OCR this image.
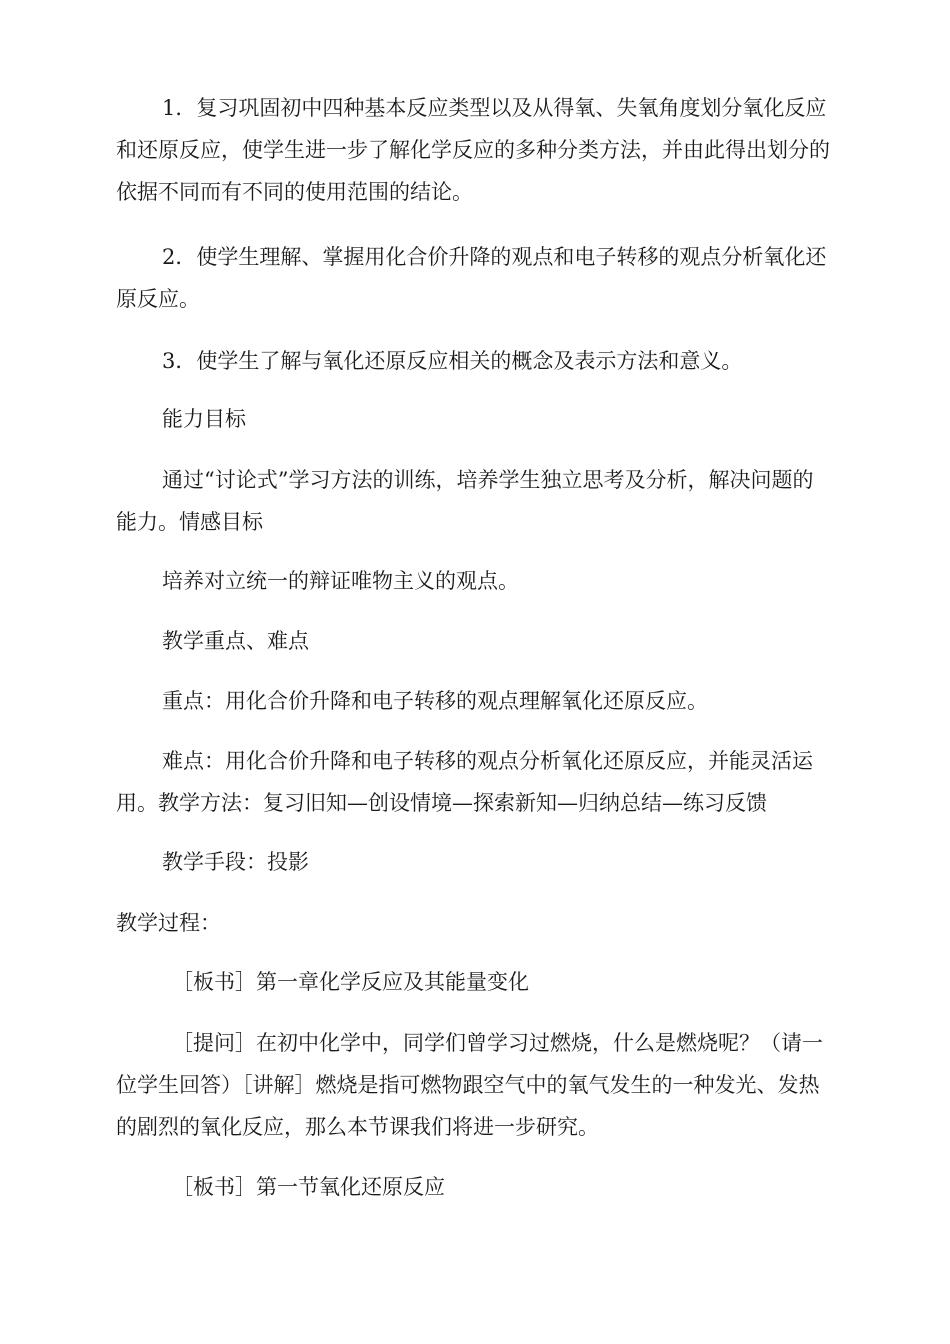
1．复习巩固初中四种基本反应类型以及从得氧、失氧角度划分氧化反应和还原反应，使学生进一步了解化学反应的多种分类方法，并由此得出划分的依据不同而有不同的使用范围的结论。
2．使学生理解、掌握用化合价升降的观点和电子转移的观点分析氧化还原反应。
3．使学生了解与氧化还原反应相关的概念及表示方法和意义。
能力目标
通过“讨论式”学习方法的训练，培养学生独立思考及分析，解决问题的能力。情感目标
培养对立统一的辩证唯物主义的观点。
教学重点、难点
重点：用化合价升降和电子转移的观点理解氧化还原反应。
难点：用化合价升降和电子转移的观点分析氧化还原反应，并能灵活运用。教学方法：复习旧知—创设情境—探索新知—归纳总结—练习反馈
教学手段：投影
教学过程：
［板书］第一章化学反应及其能量变化
［提问］在初中化学中，同学们曾学习过燃烧，什么是燃烧呢？（请一位学生回答）［讲解］燃烧是指可燃物跟空气中的氧气发生的一种发光、发热的剧烈的氧化反应，那么本节课我们将进一步研究。
［板书］第一节氧化还原反应
